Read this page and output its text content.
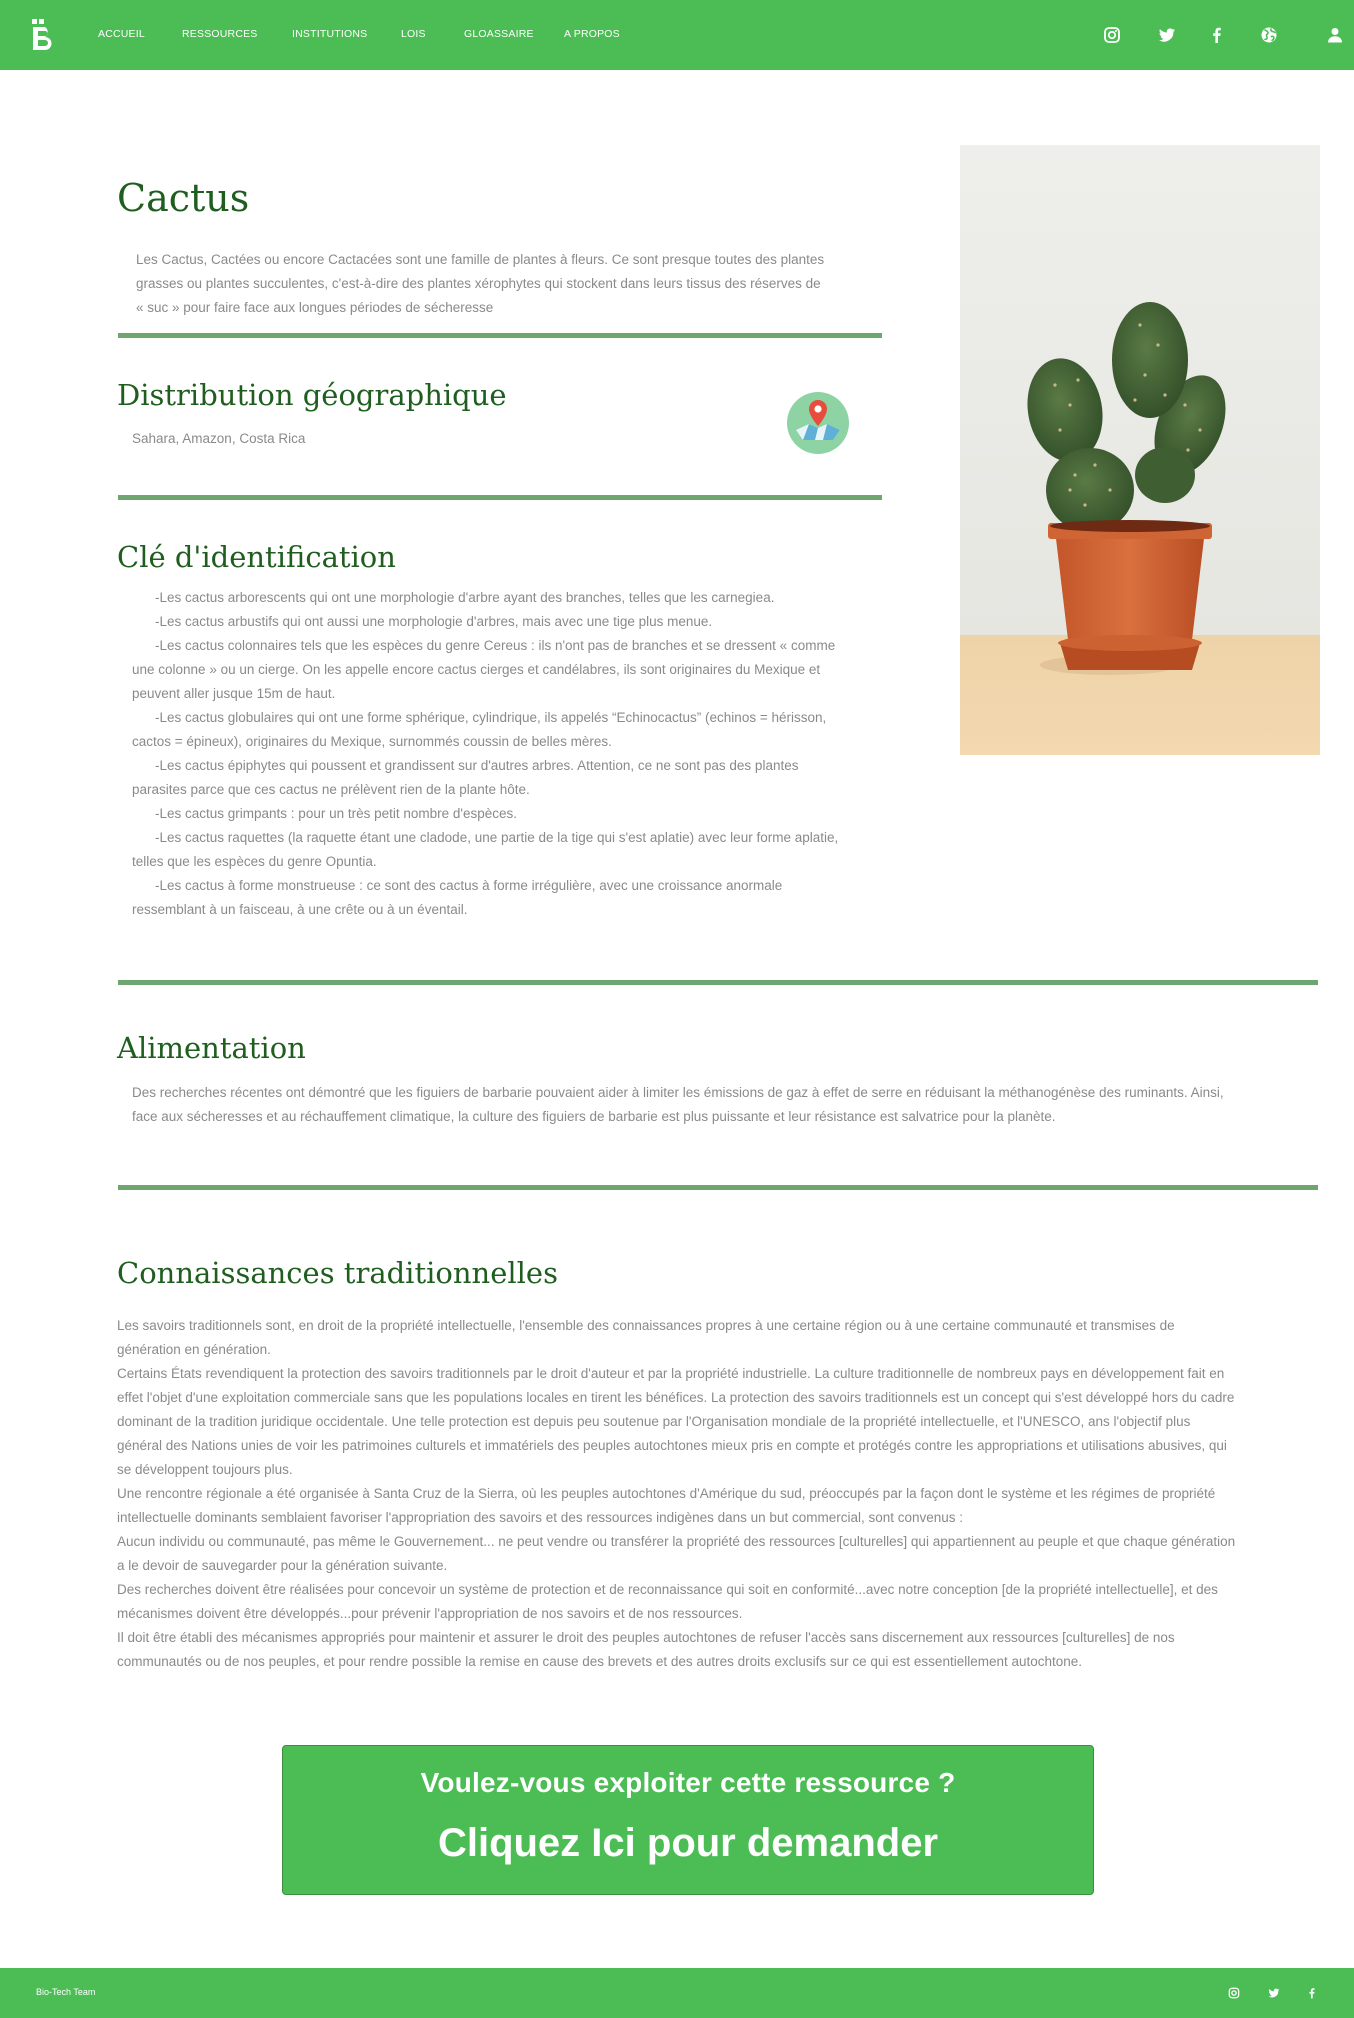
ACCUEIL	RESSOURCES	INSTITUTIONS	LOIS	GLOASSAIRE	A PROPOS
Cactus

Les Cactus, Cactées ou encore Cactacées sont une famille de plantes à fleurs. Ce sont presque toutes des plantes grasses ou plantes succulentes, c'est-à-dire des plantes xérophytes qui stockent dans leurs tissus des réserves de « suc » pour faire face aux longues périodes de sécheresse

Distribution géographique

Sahara, Amazon, Costa Rica

Clé d'identification

-Les cactus arborescents qui ont une morphologie d'arbre ayant des branches, telles que les carnegiea.

-Les cactus arbustifs qui ont aussi une morphologie d'arbres, mais avec une tige plus menue.

-Les cactus colonnaires tels que les espèces du genre Cereus : ils n'ont pas de branches et se dressent « comme une colonne » ou un cierge. On les appelle encore cactus cierges et candélabres, ils sont originaires du Mexique et peuvent aller jusque 15m de haut.

-Les cactus globulaires qui ont une forme sphérique, cylindrique, ils appelés “Echinocactus” (echinos = hérisson, cactos = épineux), originaires du Mexique, surnommés coussin de belles mères.

-Les cactus épiphytes qui poussent et grandissent sur d'autres arbres. Attention, ce ne sont pas des plantes parasites parce que ces cactus ne prélèvent rien de la plante hôte.

-Les cactus grimpants : pour un très petit nombre d'espèces.

-Les cactus raquettes (la raquette étant une cladode, une partie de la tige qui s'est aplatie) avec leur forme aplatie, telles que les espèces du genre Opuntia.

-Les cactus à forme monstrueuse : ce sont des cactus à forme irrégulière, avec une croissance anormale ressemblant à un faisceau, à une crête ou à un éventail.

Alimentation

Des recherches récentes ont démontré que les figuiers de barbarie pouvaient aider à limiter les émissions de gaz à effet de serre en réduisant la méthanogénèse des ruminants. Ainsi, face aux sécheresses et au réchauffement climatique, la culture des figuiers de barbarie est plus puissante et leur résistance est salvatrice pour la planète.

Connaissances traditionnelles

Les savoirs traditionnels sont, en droit de la propriété intellectuelle, l'ensemble des connaissances propres à une certaine région ou à une certaine communauté et transmises de génération en génération.

Certains États revendiquent la protection des savoirs traditionnels par le droit d'auteur et par la propriété industrielle. La culture traditionnelle de nombreux pays en développement fait en effet l'objet d'une exploitation commerciale sans que les populations locales en tirent les bénéfices. La protection des savoirs traditionnels est un concept qui s'est développé hors du cadre dominant de la tradition juridique occidentale. Une telle protection est depuis peu soutenue par l'Organisation mondiale de la propriété intellectuelle, et l'UNESCO, ans l'objectif plus général des Nations unies de voir les patrimoines culturels et immatériels des peuples autochtones mieux pris en compte et protégés contre les appropriations et utilisations abusives, qui se développent toujours plus.

Une rencontre régionale a été organisée à Santa Cruz de la Sierra, où les peuples autochtones d'Amérique du sud, préoccupés par la façon dont le système et les régimes de propriété intellectuelle dominants semblaient favoriser l'appropriation des savoirs et des ressources indigènes dans un but commercial, sont convenus :

Aucun individu ou communauté, pas même le Gouvernement... ne peut vendre ou transférer la propriété des ressources [culturelles] qui appartiennent au peuple et que chaque génération a le devoir de sauvegarder pour la génération suivante.

Des recherches doivent être réalisées pour concevoir un système de protection et de reconnaissance qui soit en conformité...avec notre conception [de la propriété intellectuelle], et des mécanismes doivent être développés...pour prévenir l'appropriation de nos savoirs et de nos ressources.

Il doit être établi des mécanismes appropriés pour maintenir et assurer le droit des peuples autochtones de refuser l'accès sans discernement aux ressources [culturelles] de nos communautés ou de nos peuples, et pour rendre possible la remise en cause des brevets et des autres droits exclusifs sur ce qui est essentiellement autochtone.

Voulez-vous exploiter cette ressource ?
Cliquez Ici pour demander
Bio-Tech Team
